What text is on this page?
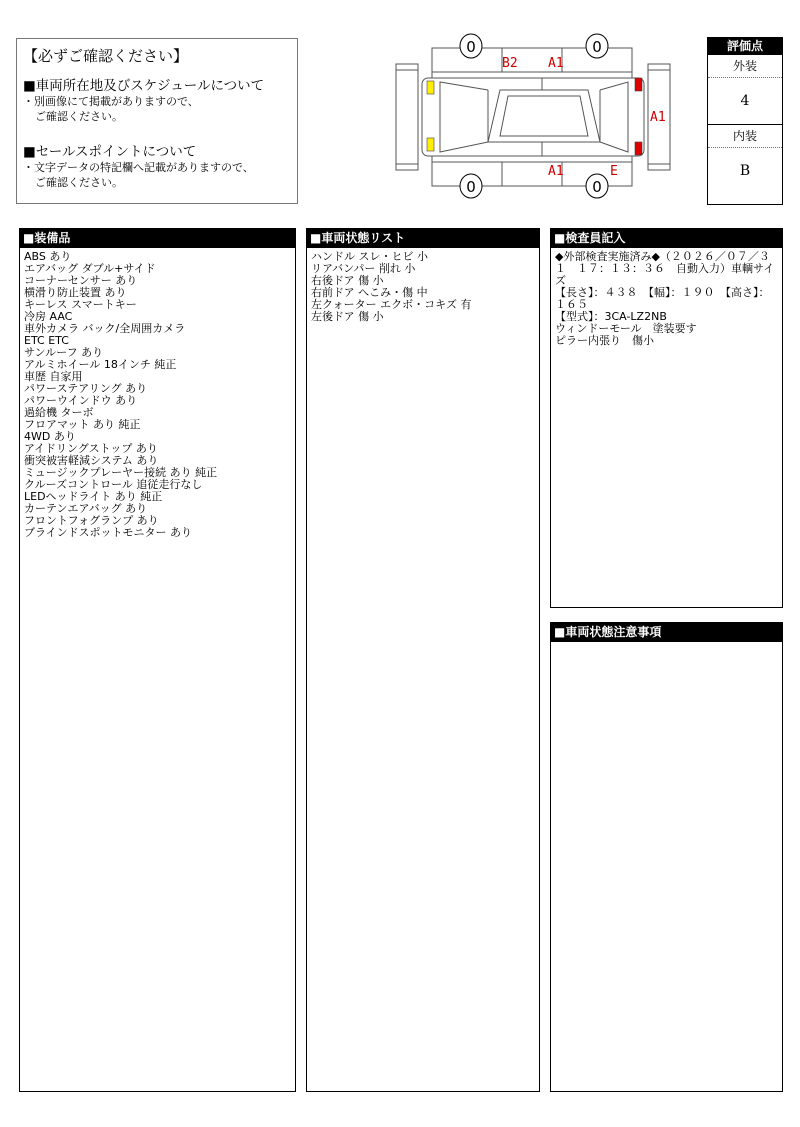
【必ずご確認ください】

■車両所在地及びスケジュールについて

・別画像にて掲載がありますので、

ご確認ください。

■セールスポイントについて

・文字データの特記欄へ記載がありますので、

ご確認ください。

0	0
0	0
B2 A1
A1
A1	E
評価点
外装
4
内装
B
■装備品
ABS あり
エアバッグ ダブル+サイド
コーナーセンサー あり
横滑り防止装置 あり
キーレス スマートキー
冷房 AAC
車外カメラ バック/全周囲カメラ
ETC ETC
サンルーフ あり
アルミホイール 18インチ 純正
車歴 自家用
パワーステアリング あり
パワーウインドウ あり
過給機 ターボ
フロアマット あり 純正
4WD あり
アイドリングストップ あり
衝突被害軽減システム あり
ミュージックプレーヤー接続 あり 純正
クルーズコントロール 追従走行なし
LEDヘッドライト あり 純正
カーテンエアバッグ あり
フロントフォグランプ あり
ブラインドスポットモニター あり
■車両状態リスト
ハンドル スレ・ヒビ 小
リアバンパー 削れ 小
右後ドア 傷 小
右前ドア へこみ・傷 中
左クォーター エクボ・コキズ 有
左後ドア 傷 小
■検査員記入
◆外部検査実施済み◆（２０２６／０７／３１　１７：１３：３６　自動入力）車輌サイズ
【長さ】：４３８　【幅】：１９０　【高さ】：１６５
【型式】：3CA-LZ2NB
ウィンドーモール　塗装要す
ピラー内張り　傷小
■車両状態注意事項
